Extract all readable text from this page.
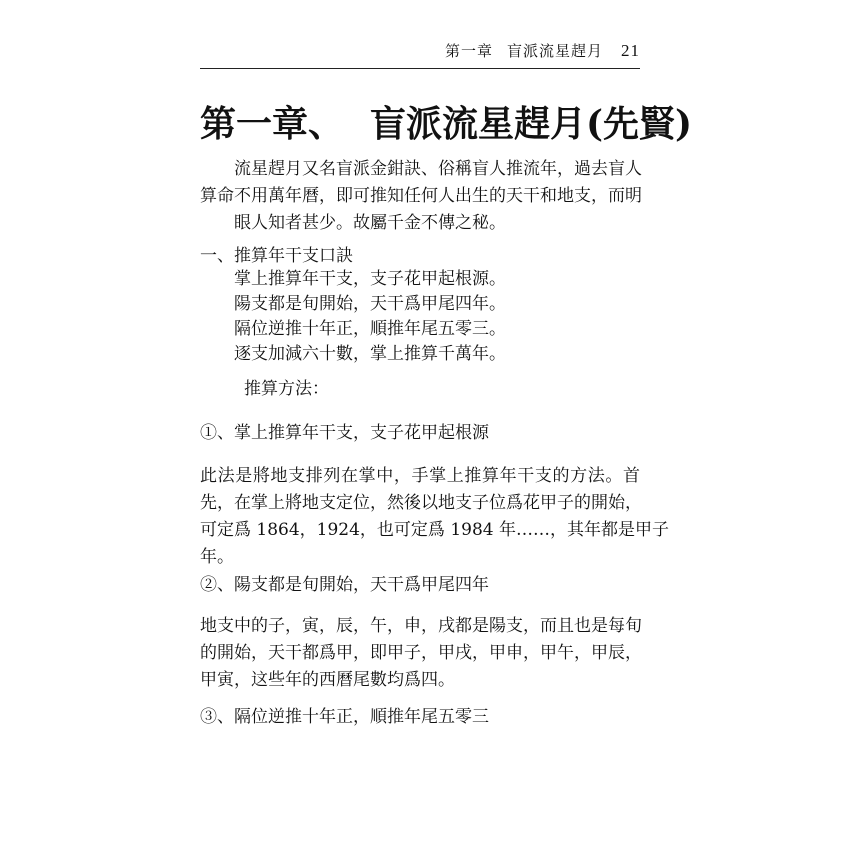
第一章 盲派流星趕月 21
第一章、 盲派流星趕月(先賢)
流星趕月又名盲派金鉗訣、俗稱盲人推流年，過去盲人
算命不用萬年曆，即可推知任何人出生的天干和地支，而明
眼人知者甚少。故屬千金不傳之秘。
一、推算年干支口訣
掌上推算年干支，支子花甲起根源。
陽支都是旬開始，天干爲甲尾四年。
隔位逆推十年正，順推年尾五零三。
逐支加減六十數，掌上推算千萬年。
推算方法：
①、掌上推算年干支，支子花甲起根源
此法是將地支排列在掌中，手掌上推算年干支的方法。首
先，在掌上將地支定位，然後以地支子位爲花甲子的開始，
可定爲 1864，1924，也可定爲 1984 年……，其年都是甲子
年。
②、陽支都是旬開始，天干爲甲尾四年
地支中的子，寅，辰，午，申，戌都是陽支，而且也是每旬
的開始，天干都爲甲，即甲子，甲戌，甲申，甲午，甲辰，
甲寅，这些年的西曆尾數均爲四。
③、隔位逆推十年正，順推年尾五零三
